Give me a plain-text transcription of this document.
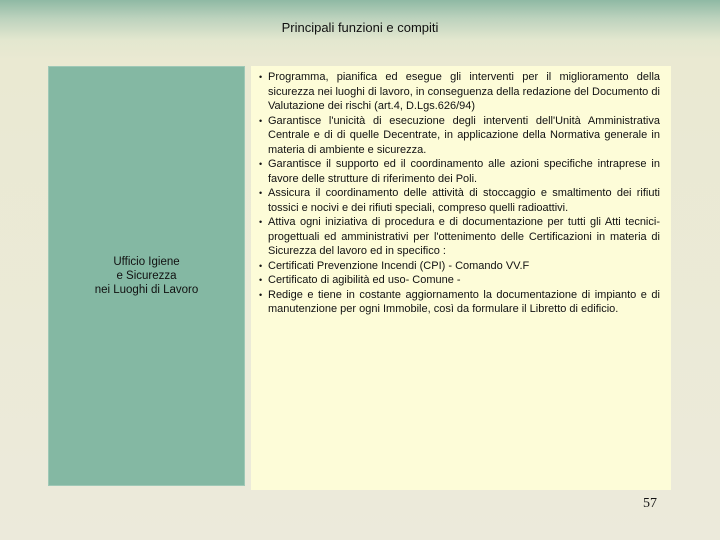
Principali funzioni e compiti
Ufficio Igiene
e Sicurezza
nei Luoghi di Lavoro
• Programma, pianifica ed esegue gli interventi per il miglioramento della sicurezza nei luoghi di lavoro, in conseguenza della redazione del Documento di Valutazione dei rischi (art.4, D.Lgs.626/94)
• Garantisce l'unicità di esecuzione degli interventi dell'Unità Amministrativa Centrale e di di quelle Decentrate, in applicazione della Normativa generale in materia di ambiente e sicurezza.
• Garantisce il supporto ed il coordinamento alle azioni specifiche intraprese in favore delle strutture di riferimento dei Poli.
• Assicura il coordinamento delle attività di stoccaggio e smaltimento dei rifiuti tossici e nocivi e dei rifiuti speciali, compreso quelli radioattivi.
• Attiva ogni iniziativa di procedura e di documentazione per tutti gli Atti tecnici-progettuali ed amministrativi per l'ottenimento delle Certificazioni in materia di Sicurezza del lavoro ed in specifico :
• Certificati Prevenzione Incendi (CPI) - Comando VV.F
• Certificato di agibilità ed uso- Comune -
• Redige e tiene in costante aggiornamento la documentazione di impianto e di manutenzione per ogni Immobile, così da formulare il Libretto di edificio.
57
